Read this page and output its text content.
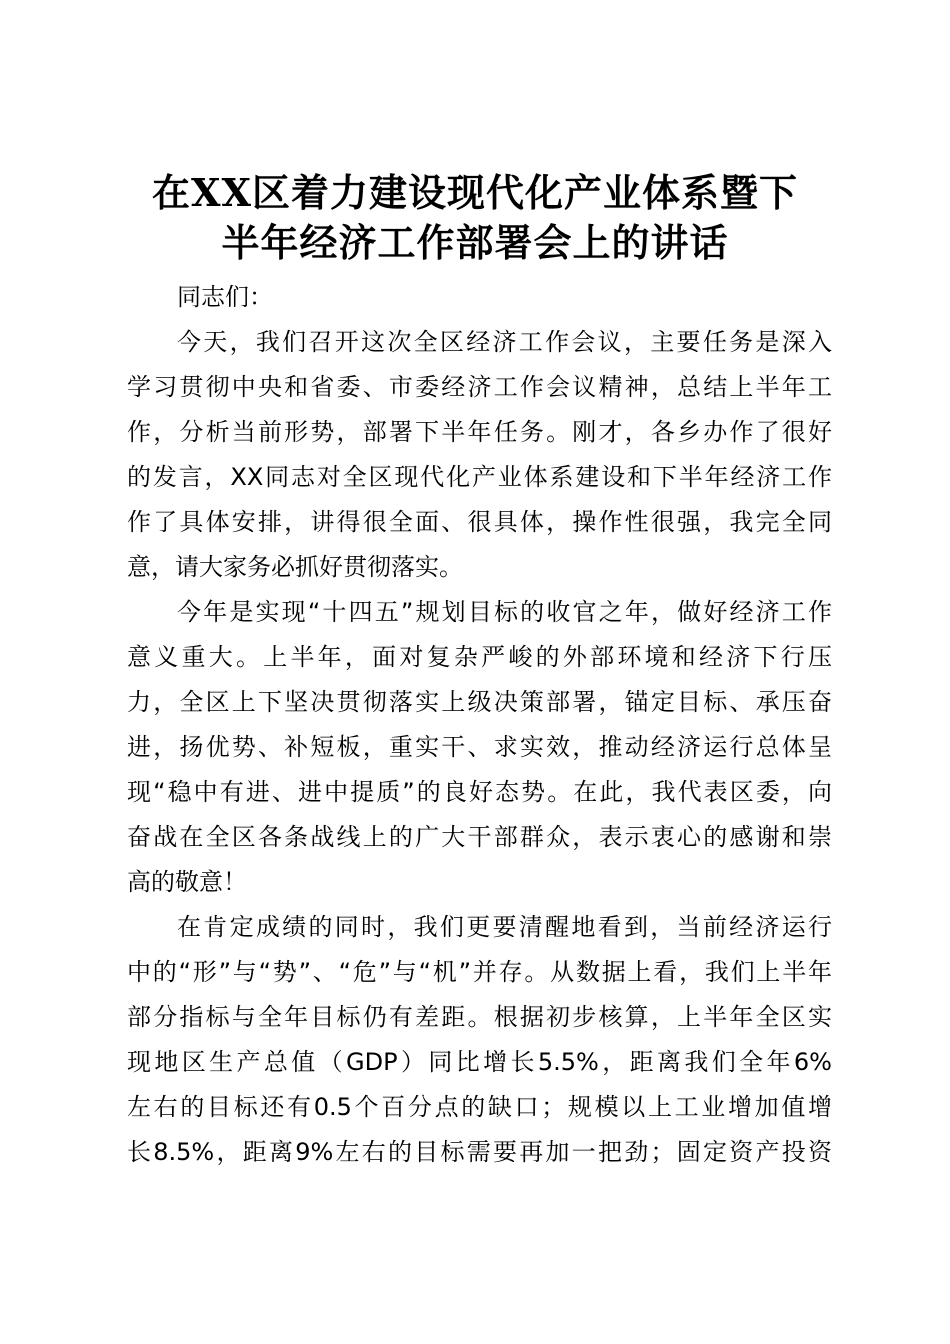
在XX区着力建设现代化产业体系暨下
半年经济工作部署会上的讲话

同志们：

今天，我们召开这次全区经济工作会议，主要任务是深入
学习贯彻中央和省委、市委经济工作会议精神，总结上半年工
作，分析当前形势，部署下半年任务。刚才，各乡办作了很好
的发言，XX同志对全区现代化产业体系建设和下半年经济工作
作了具体安排，讲得很全面、很具体，操作性很强，我完全同
意，请大家务必抓好贯彻落实。
今年是实现“十四五”规划目标的收官之年，做好经济工作
意义重大。上半年，面对复杂严峻的外部环境和经济下行压
力，全区上下坚决贯彻落实上级决策部署，锚定目标、承压奋
进，扬优势、补短板，重实干、求实效，推动经济运行总体呈
现“稳中有进、进中提质”的良好态势。在此，我代表区委，向
奋战在全区各条战线上的广大干部群众，表示衷心的感谢和崇
高的敬意！
在肯定成绩的同时，我们更要清醒地看到，当前经济运行
中的“形”与“势”、“危”与“机”并存。从数据上看，我们上半年
部分指标与全年目标仍有差距。根据初步核算，上半年全区实
现地区生产总值（GDP）同比增长5.5%，距离我们全年6%
左右的目标还有0.5个百分点的缺口；规模以上工业增加值增
长8.5%，距离9%左右的目标需要再加一把劲；固定资产投资
